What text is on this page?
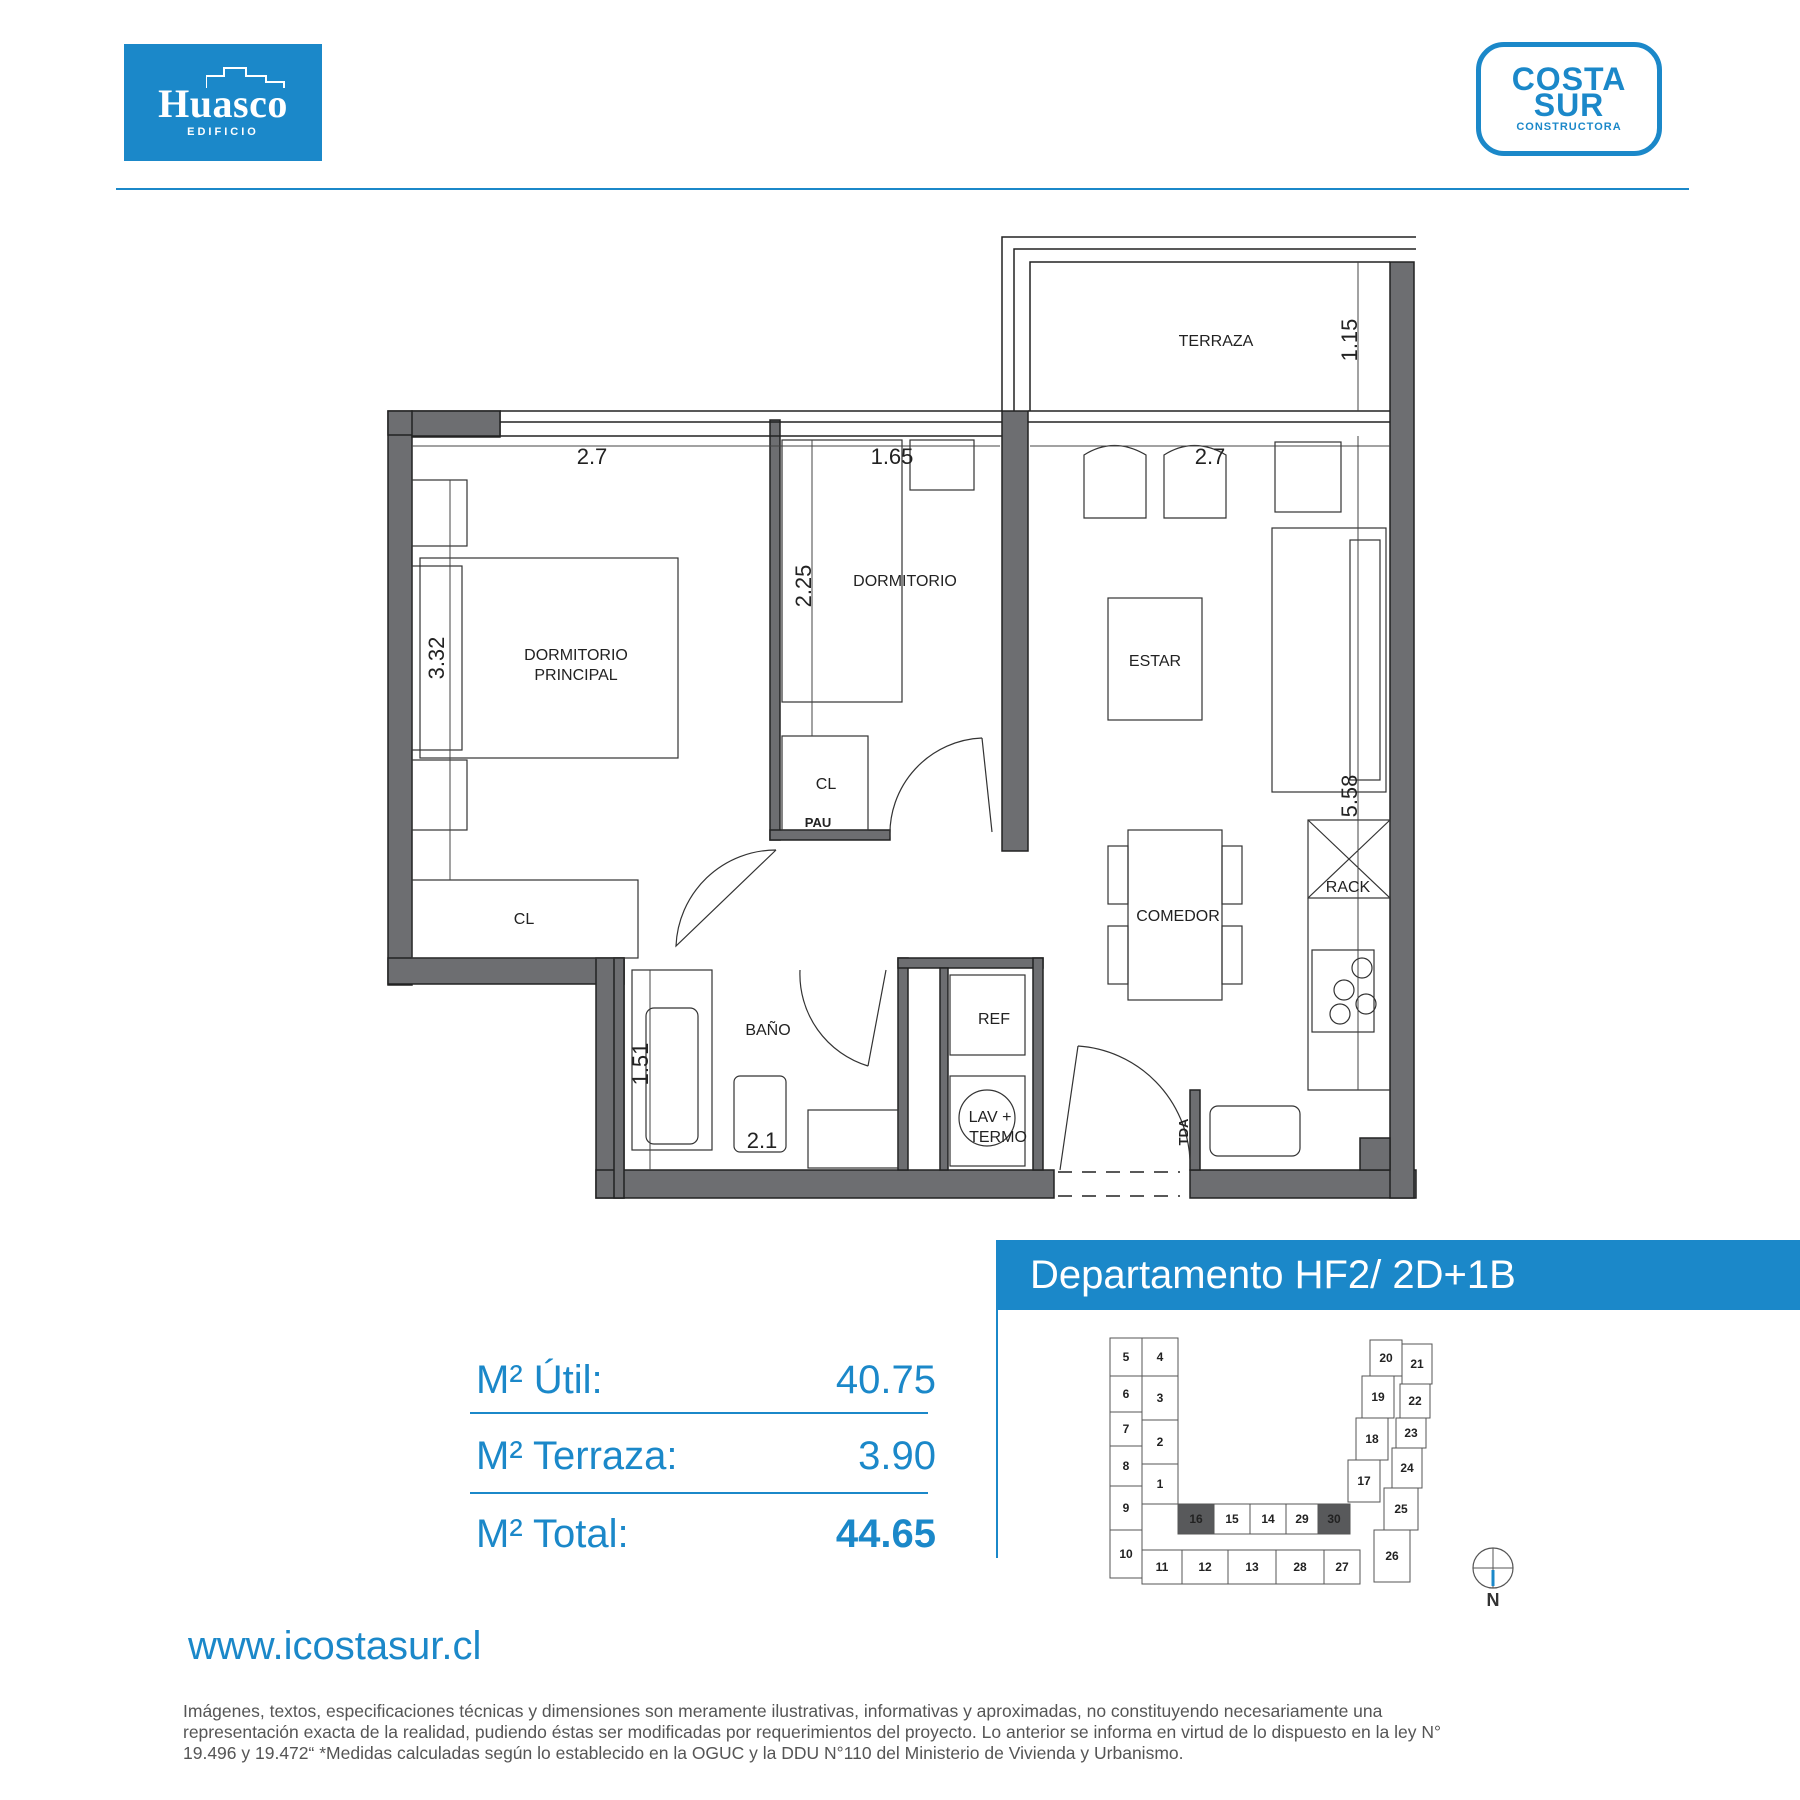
Huasco
EDIFICIO
COSTA
SUR
CONSTRUCTORA
TERRAZA
DORMITORIO
PRINCIPAL
DORMITORIO
ESTAR
CL
PAU
RACK
COMEDOR
CL
BAÑO
REF
LAV +
TERMO	TDA
2.7	1.65	2.7
1.15
3.32
2.25
5.58
1.51
2.1
Departamento HF2/ 2D+1B
M² Útil:	40.75
M² Terraza:	3.90
M² Total:	44.65
1
2
3
4
5
6
7
8
9
10
11 12	13
14
15
16
17
18
19
20 21
22
23
24
25
26
27
28
29 30
N
www.icostasur.cl
Imágenes, textos, especificaciones técnicas y dimensiones son meramente ilustrativas, informativas y aproximadas, no constituyendo necesariamente una
representación exacta de la realidad, pudiendo éstas ser modificadas por requerimientos del proyecto. Lo anterior se informa en virtud de lo dispuesto en la ley N°
19.496 y 19.472“ *Medidas calculadas según lo establecido en la OGUC y la DDU N°110 del Ministerio de Vivienda y Urbanismo.
